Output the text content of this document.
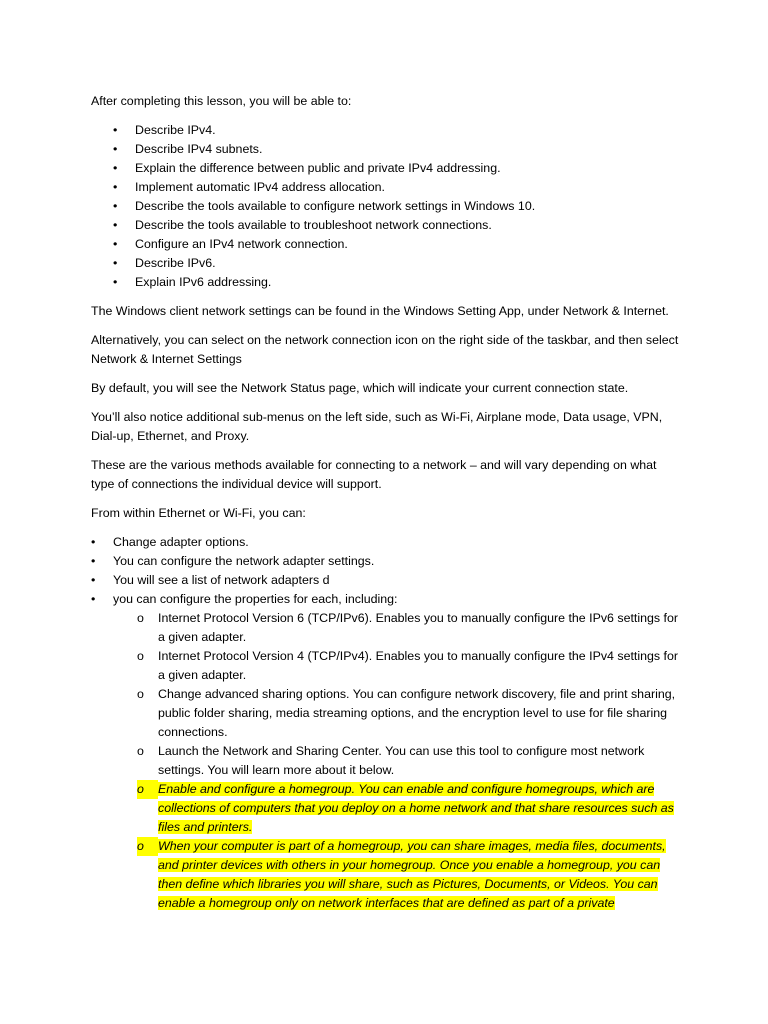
After completing this lesson, you will be able to:

• Describe IPv4.
• Describe IPv4 subnets.
• Explain the difference between public and private IPv4 addressing.
• Implement automatic IPv4 address allocation.
• Describe the tools available to configure network settings in Windows 10.
• Describe the tools available to troubleshoot network connections.
• Configure an IPv4 network connection.
• Describe IPv6.
• Explain IPv6 addressing.

The Windows client network settings can be found in the Windows Setting App, under Network & Internet.

Alternatively, you can select on the network connection icon on the right side of the taskbar, and then select Network & Internet Settings

By default, you will see the Network Status page, which will indicate your current connection state.

You’ll also notice additional sub-menus on the left side, such as Wi-Fi, Airplane mode, Data usage, VPN, Dial-up, Ethernet, and Proxy.

These are the various methods available for connecting to a network – and will vary depending on what type of connections the individual device will support.

From within Ethernet or Wi-Fi, you can:

• Change adapter options.
• You can configure the network adapter settings.
• You will see a list of network adapters d
• you can configure the properties for each, including:
o Internet Protocol Version 6 (TCP/IPv6). Enables you to manually configure the IPv6 settings for a given adapter.
o Internet Protocol Version 4 (TCP/IPv4). Enables you to manually configure the IPv4 settings for a given adapter.
o Change advanced sharing options. You can configure network discovery, file and print sharing, public folder sharing, media streaming options, and the encryption level to use for file sharing connections.
o Launch the Network and Sharing Center. You can use this tool to configure most network settings. You will learn more about it below.
o	Enable and configure a homegroup. You can enable and configure homegroups, which are collections of computers that you deploy on a home network and that share resources such as files and printers.
o	When your computer is part of a homegroup, you can share images, media files, documents, and printer devices with others in your homegroup. Once you enable a homegroup, you can then define which libraries you will share, such as Pictures, Documents, or Videos. You can enable a homegroup only on network interfaces that are defined as part of a private
